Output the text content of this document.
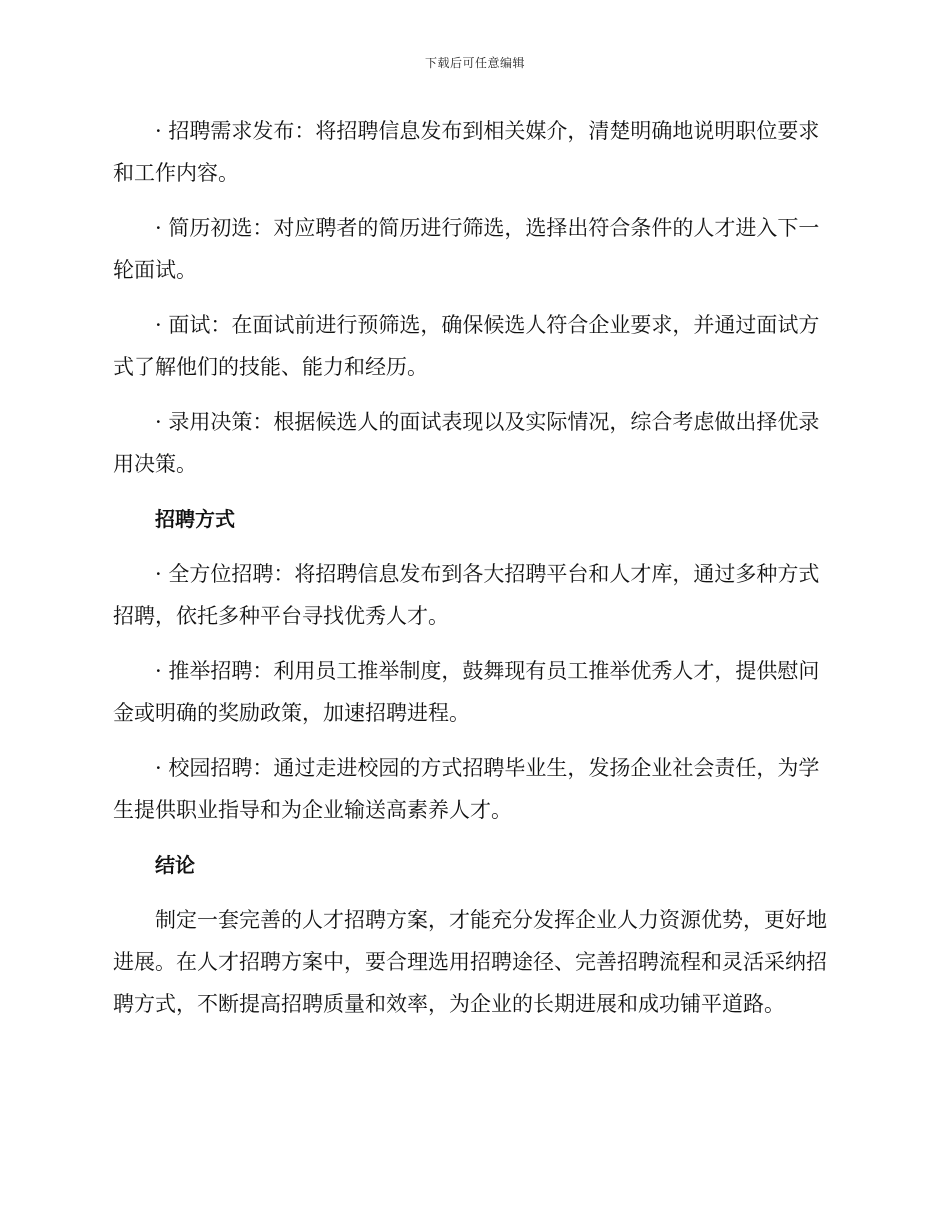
下载后可任意编辑

· 招聘需求发布：将招聘信息发布到相关媒介，清楚明确地说明职位要求和工作内容。

· 简历初选：对应聘者的简历进行筛选，选择出符合条件的人才进入下一轮面试。

· 面试：在面试前进行预筛选，确保候选人符合企业要求，并通过面试方式了解他们的技能、能力和经历。

· 录用决策：根据候选人的面试表现以及实际情况，综合考虑做出择优录用决策。

招聘方式

· 全方位招聘：将招聘信息发布到各大招聘平台和人才库，通过多种方式招聘，依托多种平台寻找优秀人才。

· 推举招聘：利用员工推举制度，鼓舞现有员工推举优秀人才，提供慰问金或明确的奖励政策，加速招聘进程。

· 校园招聘：通过走进校园的方式招聘毕业生，发扬企业社会责任，为学生提供职业指导和为企业输送高素养人才。

结论

制定一套完善的人才招聘方案，才能充分发挥企业人力资源优势，更好地进展。在人才招聘方案中，要合理选用招聘途径、完善招聘流程和灵活采纳招聘方式，不断提高招聘质量和效率，为企业的长期进展和成功铺平道路。
